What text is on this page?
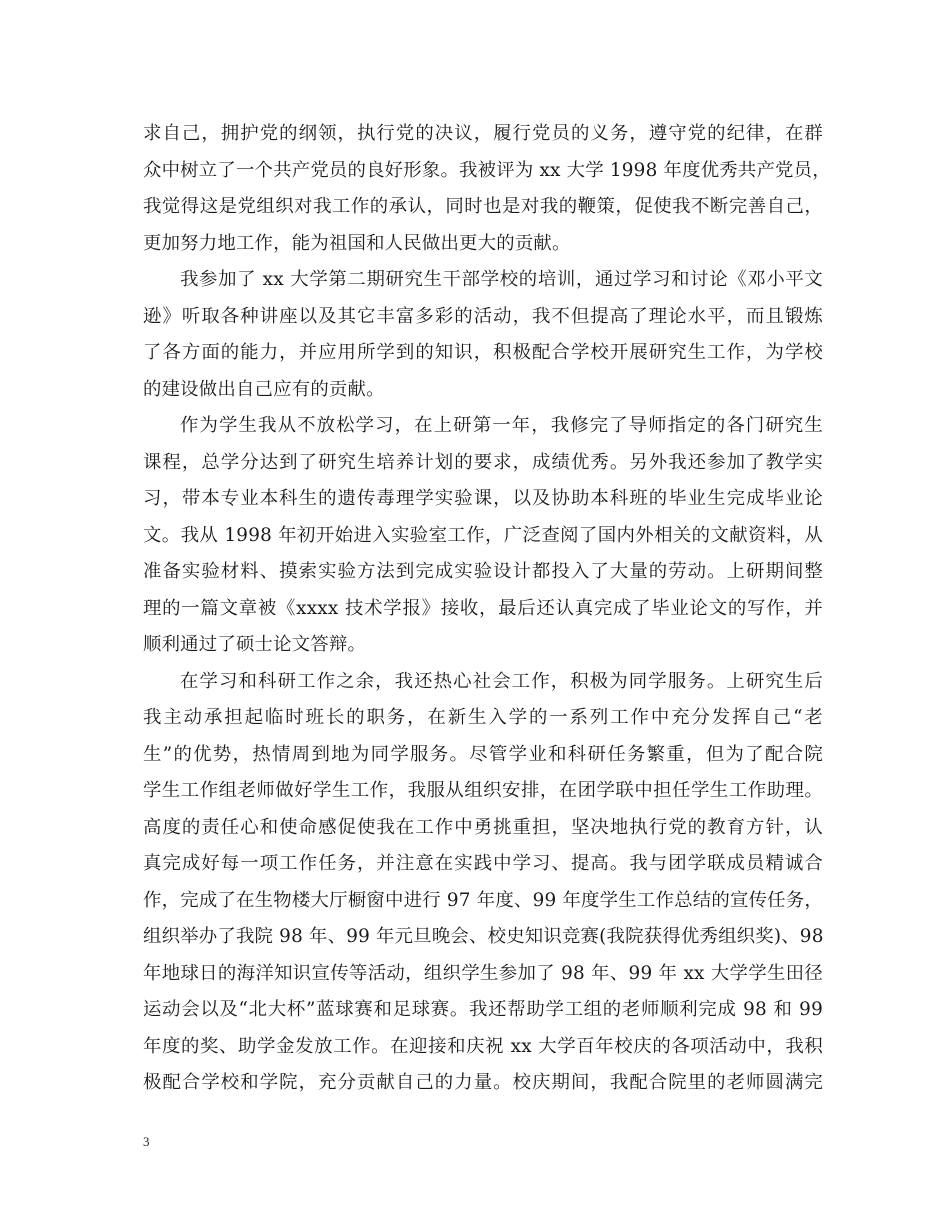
求自己，拥护党的纲领，执行党的决议，履行党员的义务，遵守党的纪律，在群
众中树立了一个共产党员的良好形象。我被评为 xx 大学 1998 年度优秀共产党员，
我觉得这是党组织对我工作的承认，同时也是对我的鞭策，促使我不断完善自己，
更加努力地工作，能为祖国和人民做出更大的贡献。
我参加了 xx 大学第二期研究生干部学校的培训，通过学习和讨论《邓小平文
逊》听取各种讲座以及其它丰富多彩的活动，我不但提高了理论水平，而且锻炼
了各方面的能力，并应用所学到的知识，积极配合学校开展研究生工作，为学校
的建设做出自己应有的贡献。
作为学生我从不放松学习，在上研第一年，我修完了导师指定的各门研究生
课程，总学分达到了研究生培养计划的要求，成绩优秀。另外我还参加了教学实
习，带本专业本科生的遗传毒理学实验课，以及协助本科班的毕业生完成毕业论
文。我从 1998 年初开始进入实验室工作，广泛查阅了国内外相关的文献资料，从
准备实验材料、摸索实验方法到完成实验设计都投入了大量的劳动。上研期间整
理的一篇文章被《xxxx 技术学报》接收，最后还认真完成了毕业论文的写作，并
顺利通过了硕士论文答辩。
在学习和科研工作之余，我还热心社会工作，积极为同学服务。上研究生后
我主动承担起临时班长的职务，在新生入学的一系列工作中充分发挥自己“老
生”的优势，热情周到地为同学服务。尽管学业和科研任务繁重，但为了配合院
学生工作组老师做好学生工作，我服从组织安排，在团学联中担任学生工作助理。
高度的责任心和使命感促使我在工作中勇挑重担，坚决地执行党的教育方针，认
真完成好每一项工作任务，并注意在实践中学习、提高。我与团学联成员精诚合
作，完成了在生物楼大厅橱窗中进行 97 年度、99 年度学生工作总结的宣传任务，
组织举办了我院 98 年、99 年元旦晚会、校史知识竞赛(我院获得优秀组织奖)、98
年地球日的海洋知识宣传等活动，组织学生参加了 98 年、99 年 xx 大学学生田径
运动会以及“北大杯”蓝球赛和足球赛。我还帮助学工组的老师顺利完成 98 和 99
年度的奖、助学金发放工作。在迎接和庆祝 xx 大学百年校庆的各项活动中，我积
极配合学校和学院，充分贡献自己的力量。校庆期间，我配合院里的老师圆满完
3
